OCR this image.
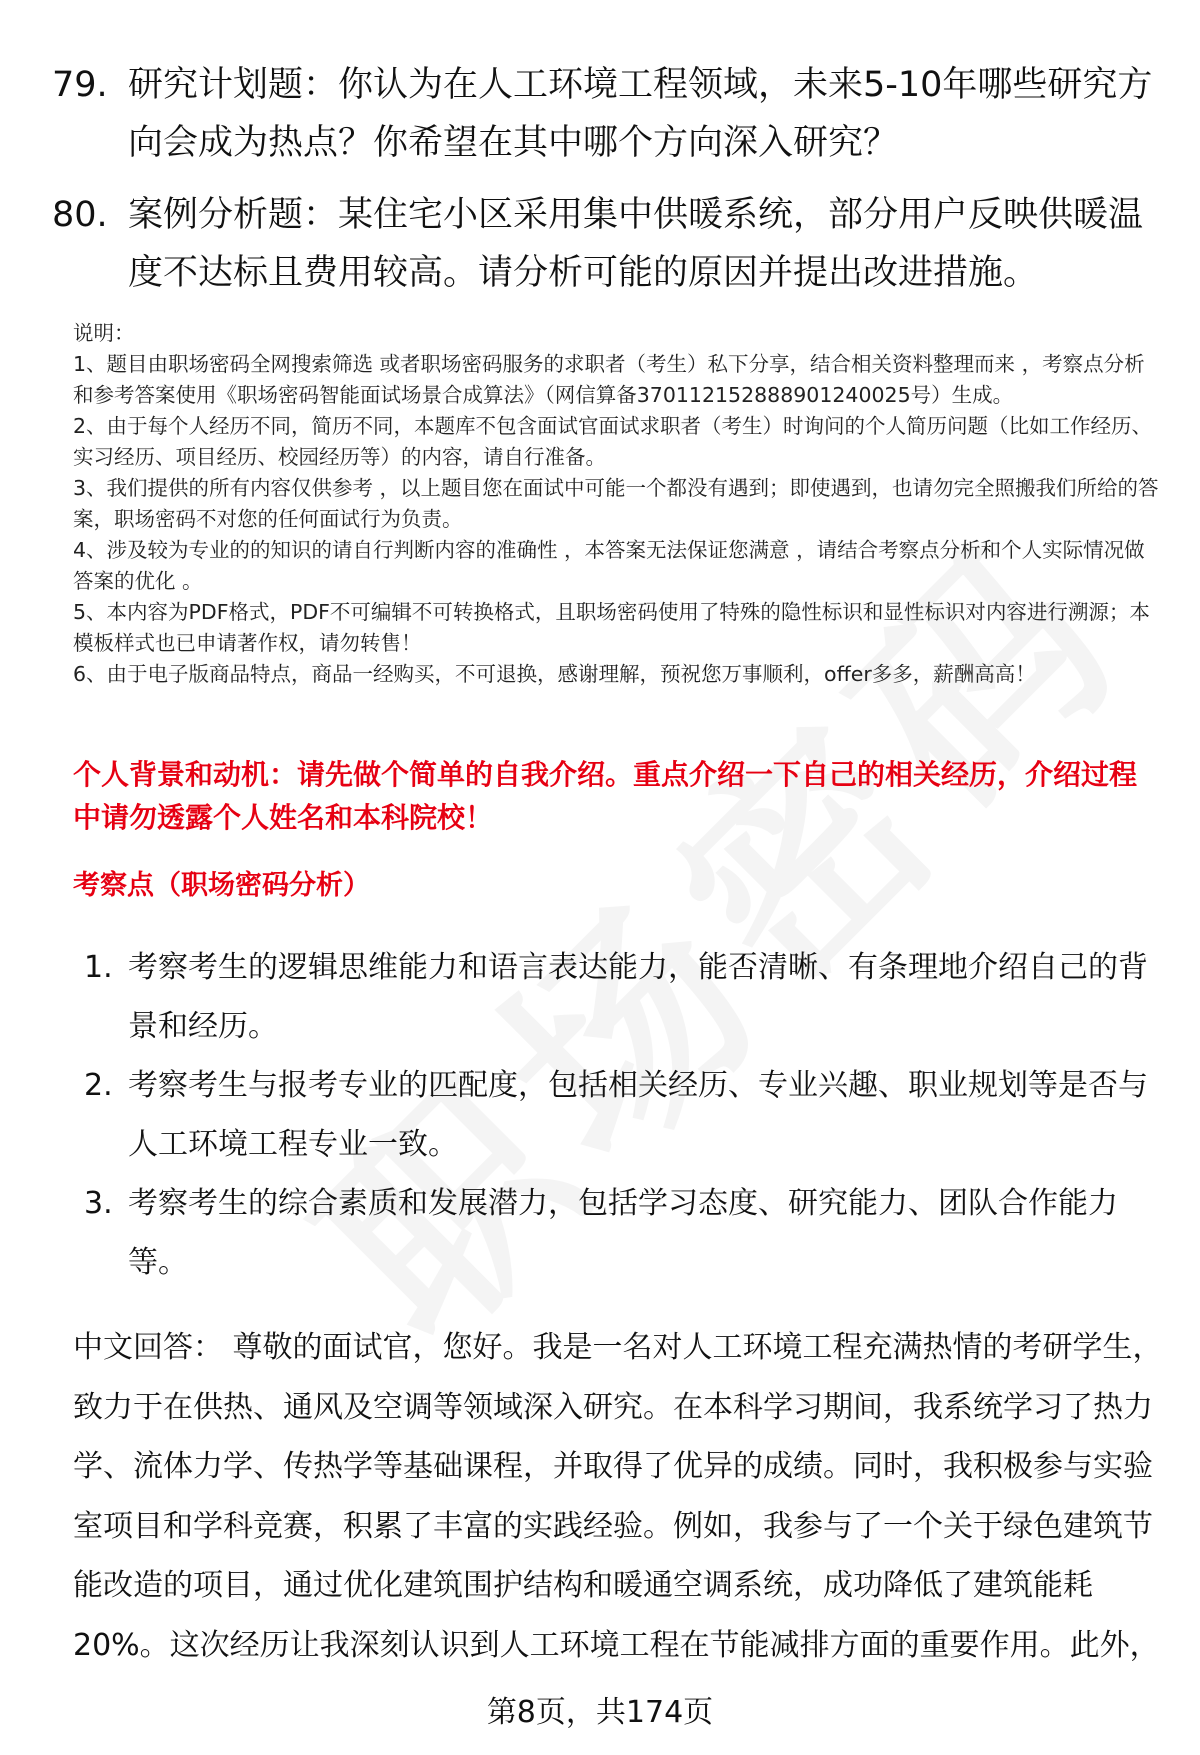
79. 研究计划题：你认为在人工环境工程领域，未来5-10年哪些研究方向会成为热点？你希望在其中哪个方向深入研究？
80. 案例分析题：某住宅小区采用集中供暖系统，部分用户反映供暖温度不达标且费用较高。请分析可能的原因并提出改进措施。

说明：

1、题目由职场密码全网搜索筛选 或者职场密码服务的求职者（考生）私下分享，结合相关资料整理而来 ，考察点分析和参考答案使用《职场密码智能面试场景合成算法》（网信算备370112152888901240025号）生成。

2、由于每个人经历不同，简历不同，本题库不包含面试官面试求职者（考生）时询问的个人简历问题（比如工作经历、实习经历、项目经历、校园经历等）的内容，请自行准备。

3、我们提供的所有内容仅供参考 ，以上题目您在面试中可能一个都没有遇到；即使遇到，也请勿完全照搬我们所给的答案，职场密码不对您的任何面试行为负责。

4、涉及较为专业的的知识的请自行判断内容的准确性 ，本答案无法保证您满意 ，请结合考察点分析和个人实际情况做答案的优化 。

5、本内容为PDF格式，PDF不可编辑不可转换格式，且职场密码使用了特殊的隐性标识和显性标识对内容进行溯源；本模板样式也已申请著作权，请勿转售！

6、由于电子版商品特点，商品一经购买，不可退换，感谢理解，预祝您万事顺利，offer多多，薪酬高高！

个人背景和动机：请先做个简单的自我介绍。重点介绍一下自己的相关经历，介绍过程中请勿透露个人姓名和本科院校！
考察点（职场密码分析）
1. 考察考生的逻辑思维能力和语言表达能力，能否清晰、有条理地介绍自己的背景和经历。
2. 考察考生与报考专业的匹配度，包括相关经历、专业兴趣、职业规划等是否与人工环境工程专业一致。
3. 考察考生的综合素质和发展潜力，包括学习态度、研究能力、团队合作能力等。

中文回答： 尊敬的面试官，您好。我是一名对人工环境工程充满热情的考研学生，致力于在供热、通风及空调等领域深入研究。在本科学习期间，我系统学习了热力学、流体力学、传热学等基础课程，并取得了优异的成绩。同时，我积极参与实验室项目和学科竞赛，积累了丰富的实践经验。例如，我参与了一个关于绿色建筑节能改造的项目，通过优化建筑围护结构和暖通空调系统，成功降低了建筑能耗20%。这次经历让我深刻认识到人工环境工程在节能减排方面的重要作用。此外，

第8页，共174页
